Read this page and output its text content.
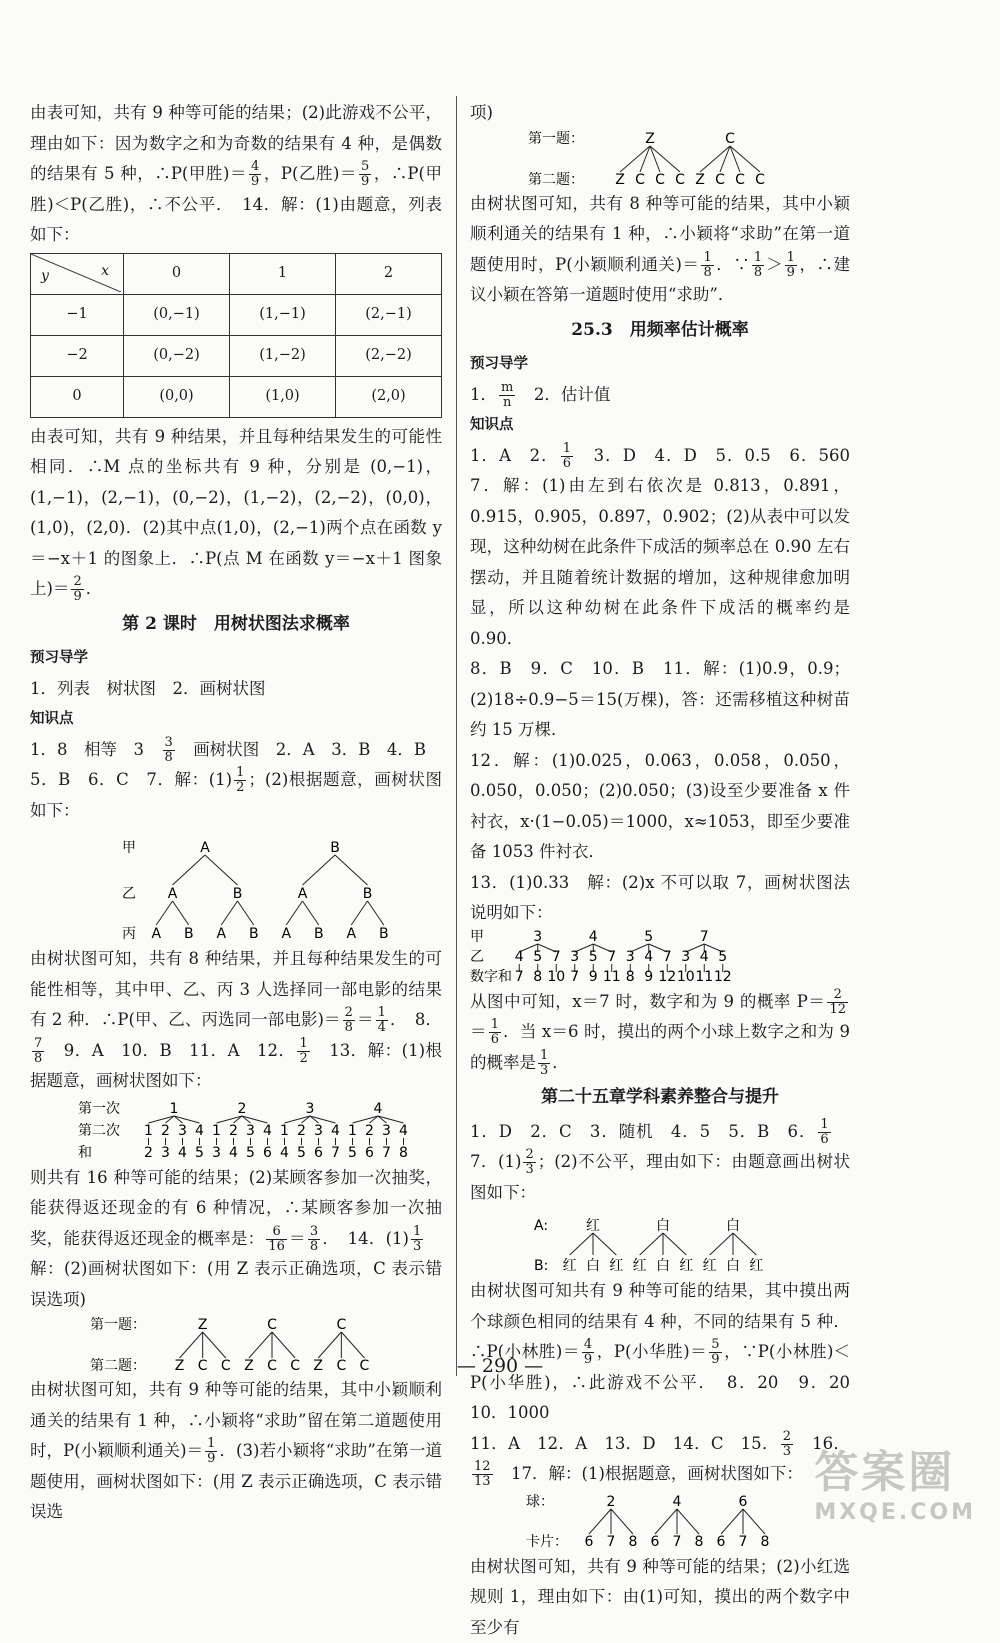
由表可知，共有 9 种等可能的结果；(2)此游戏不公平，理由如下：因为数字之和为奇数的结果有 4 种，是偶数的结果有 5 种，∴P(甲胜)＝ $\frac{4}{9}$ ，P(乙胜)＝ $\frac{5}{9}$ ，∴P(甲胜)＜P(乙胜)，∴不公平．　14．解：(1)由题意，列表如下：

x
y	0	1	2
−1	(0,−1)	(1,−1)	(2,−1)
−2	(0,−2)	(1,−2)	(2,−2)
0	(0,0)	(1,0)	(2,0)

由表可知，共有 9 种结果，并且每种结果发生的可能性相同．∴M 点的坐标共有 9 种，分别是 (0,−1)，(1,−1)，(2,−1)，(0,−2)，(1,−2)，(2,−2)，(0,0)，(1,0)，(2,0)．(2)其中点(1,0)，(2,−1)两个点在函数 y＝−x＋1 的图象上．∴P(点 M 在函数 y＝−x＋1 图象上)＝ $\frac{2}{9}$ ．

第 2 课时　用树状图法求概率
预习导学

1．列表　树状图　2．画树状图

知识点

1．8　相等　3　 $\frac{3}{8}$ 　画树状图　2．A　3．B　4．B

5．B　6．C　7．解：$(1) \frac{1}{2}$ ；(2)根据题意，画树状图如下：

A	B
甲
A	B	A	B
乙
A B A B A B A B
丙

由树状图可知，共有 8 种结果，并且每种结果发生的可能性相等，其中甲、乙、丙 3 人选择同一部电影的结果有 2 种．∴P(甲、乙、丙选同一部电影)＝ $\frac{2}{8} = \frac{1}{4}$ ．　8．
$\frac{7}{8}$ 　9．A　10．B　11．A　12． $\frac{1}{2}$ 　13．解：(1)根据题意，画树状图如下：

1	2	3	4
第一次
1 2 3 4 1 2 3 4 1 2 3 4 1 2 3 4
第二次
2 3 4 5 3 4 5 6 4 5 6 7 5 6 7 8
和

则共有 16 种等可能的结果；(2)某顾客参加一次抽奖，能获得返还现金的有 6 种情况，∴某顾客参加一次抽奖，能获得返还现金的概率是： $\frac{6}{16} = \frac{3}{8}$ ．　14．$(1) \frac{1}{3}$ 　解：(2)画树状图如下：(用 Z 表示正确选项，C 表示错误选项)

Z	C	C
第一题：
Z C C Z C C Z C C
第二题：

由树状图可知，共有 9 种等可能的结果，其中小颖顺利通关的结果有 1 种，∴小颖将“求助”留在第二道题使用时，P(小颖顺利通关)＝ $\frac{1}{9}$ ．(3)若小颖将“求助”在第一道题使用，画树状图如下：(用 Z 表示正确选项，C 表示错误选

项)

Z	C
第一题：
Z C C C Z C C C
第二题：

由树状图可知，共有 8 种等可能的结果，其中小颖顺利通关的结果有 1 种，∴小颖将“求助”在第一道题使用时，P(小颖顺利通关)＝ $\frac{1}{8}$ ．∵ $\frac{1}{8} > \frac{1}{9}$ ，∴建议小颖在答第一道题时使用“求助”．

25.3　用频率估计概率
预习导学

1． $\frac{m}{n}$ 　2．估计值

知识点

1．A　2． $\frac{1}{6}$ 　3．D　4．D　5．0.5　6．560　7．解：(1)由左到右依次是 0.813，0.891，0.915，0.905，0.897，0.902；(2)从表中可以发现，这种幼树在此条件下成活的频率总在 0.90 左右摆动，并且随着统计数据的增加，这种规律愈加明显，所以这种幼树在此条件下成活的概率约是 0.90．

8．B　9．C　10．B　11．解：(1)0.9，0.9；(2)18÷0.9−5＝15(万棵)，答：还需移植这种树苗约 15 万棵．

12．解：(1)0.025，0.063，0.058，0.050，0.050，0.050；(2)0.050；(3)设至少要准备 x 件衬衣，x·(1−0.05)＝1000，x≈1053，即至少要准备 1053 件衬衣．

13．(1)0.33　解：(2)x 不可以取 7，画树状图法说明如下：

3	4	5	7
甲
4 5 7 3 5 7 3 4 7 3 4 5
乙
7 8 10 7 9 11 8 9 12 10 11 12
数字和

从图中可知，x＝7 时，数字和为 9 的概率 $P= \frac{2}{12}$
＝ $\frac{1}{6}$ ．当 x＝6 时，摸出的两个小球上数字之和为 9 的概率是 $\frac{1}{3}$ ．

第二十五章学科素养整合与提升

1．D　2．C　3．随机　4．5　5．B　6． $\frac{1}{6}$ 　7．$(1) \frac{2}{3}$ ；(2)不公平，理由如下：由题意画出树状图如下：

红	白	白
A:
红 白 红 红 白 红 红 白 红
B:

由树状图可知共有 9 种等可能的结果，其中摸出两个球颜色相同的结果有 4 种，不同的结果有 5 种．∴P(小林胜)＝ $\frac{4}{9}$ ，P(小华胜)＝ $\frac{5}{9}$ ，∵P(小林胜)＜P(小华胜)，∴此游戏不公平．　8．20　9．20　10．1000

11．A　12．A　13．D　14．C　15． $\frac{2}{3}$ 　16．
$\frac{12}{13}$ 　17．解：(1)根据题意，画树状图如下：

2	4	6
球：
6 7 8 6 7 8 6 7 8
卡片：

由树状图可知，共有 9 种等可能的结果；(2)小红选规则 1，理由如下：由(1)可知，摸出的两个数字中至少有

— 290 —
答案圈
MXQE.COM
